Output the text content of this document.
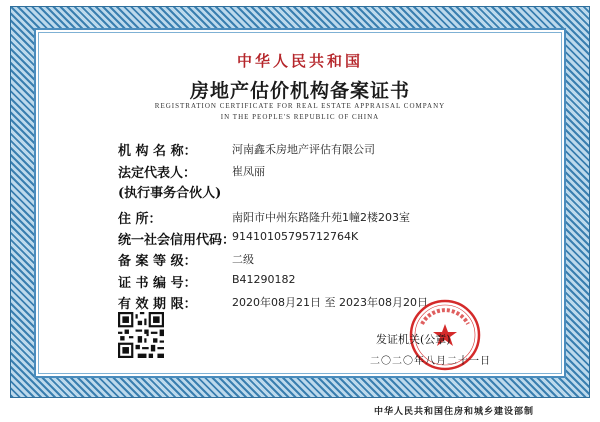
中华人民共和国
房地产估价机构备案证书
REGISTRATION CERTIFICATE FOR REAL ESTATE APPRAISAL COMPANY
IN THE PEOPLE'S REPUBLIC OF CHINA
机 构 名 称：	河南鑫禾房地产评估有限公司
法定代表人：	崔凤丽
(执行事务合伙人)
住 所：	南阳市中州东路隆升苑1幢2楼203室
统一社会信用代码：
91410105795712764K
备 案 等 级：	二级
证 书 编 号：	B41290182
有 效 期 限：	2020年08月21日 至 2023年08月20日
发证机关(公章)
二〇二〇年八月二十一日
中华人民共和国住房和城乡建设部制
